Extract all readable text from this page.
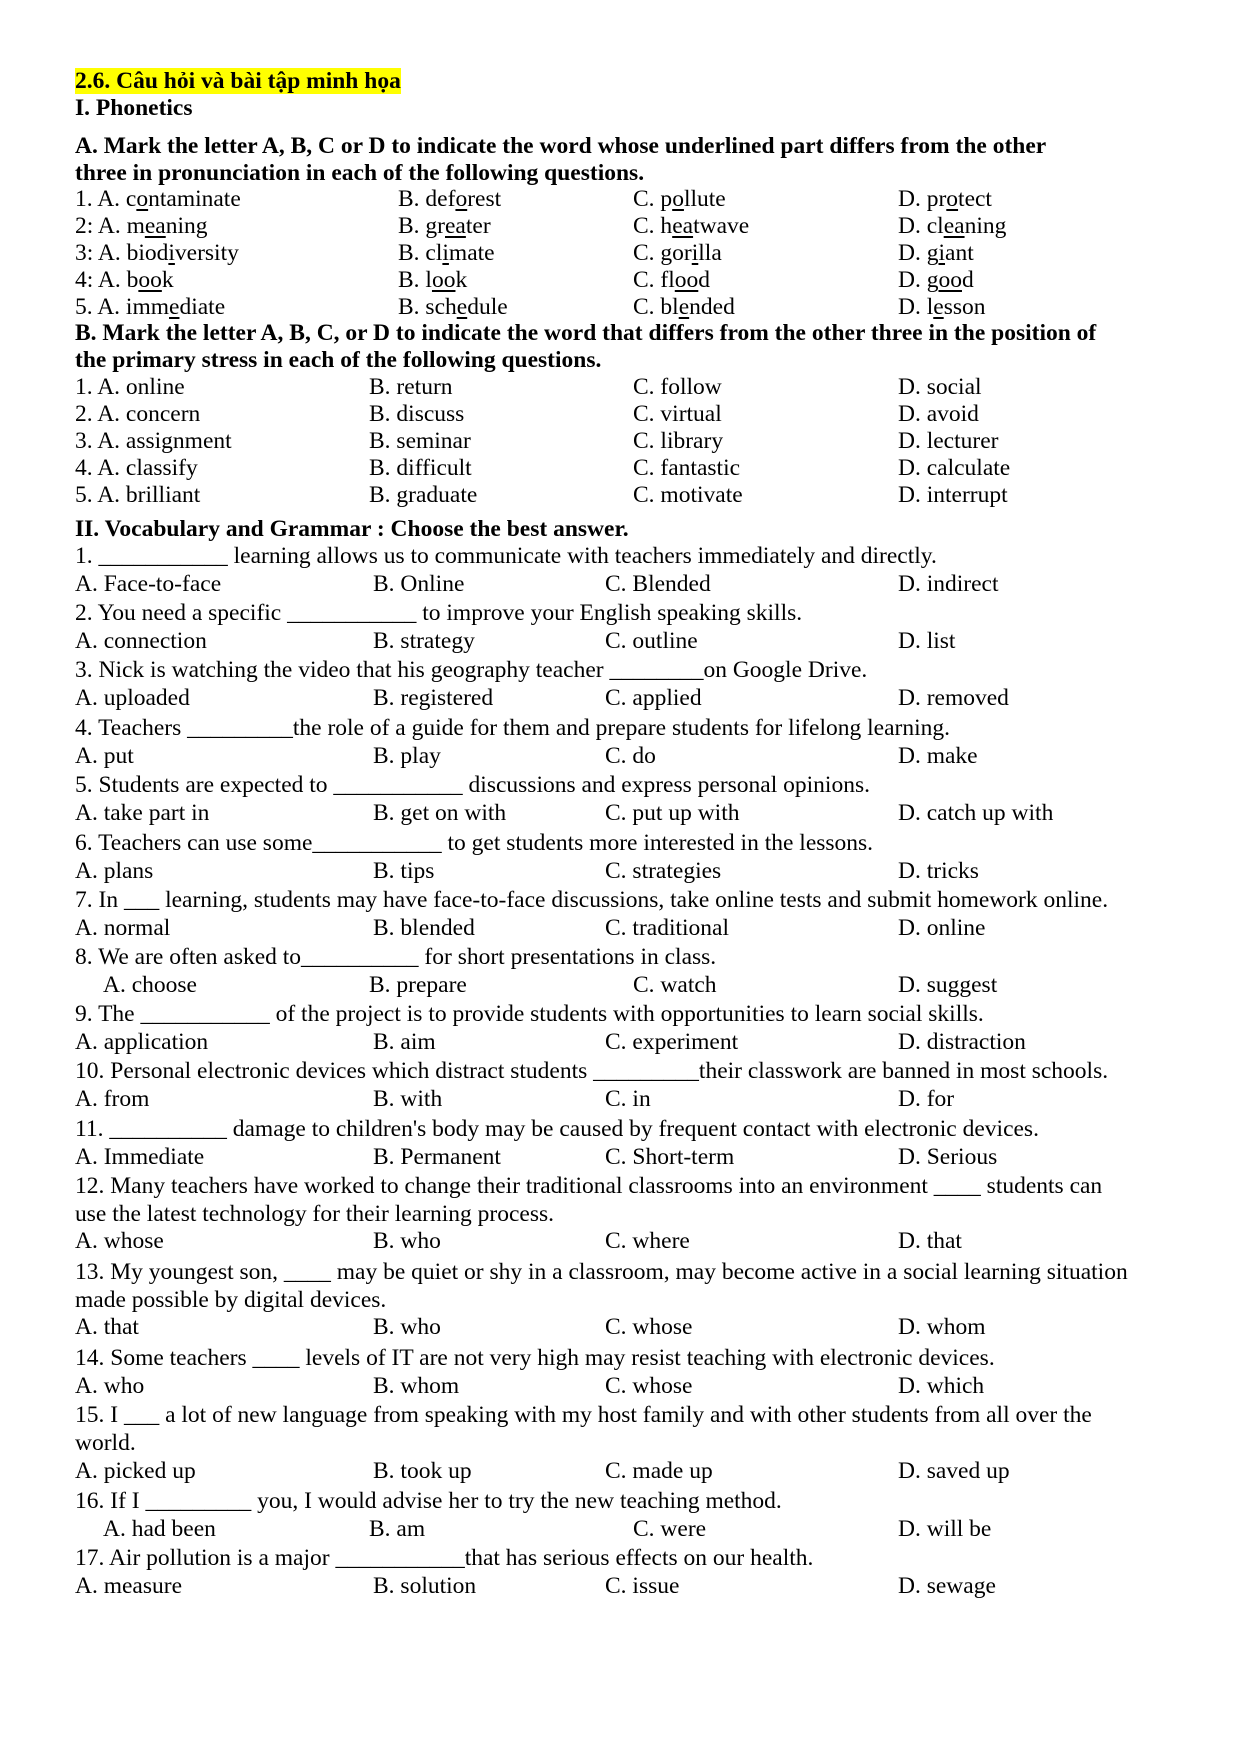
2.6. Câu hỏi và bài tập minh họa
I. Phonetics
A. Mark the letter A, B, C or D to indicate the word whose underlined part differs from the other
three in pronunciation in each of the following questions.
1. A. contaminate	B. deforest	C. pollute	D. protect
2: A. meaning	B. greater	C. heatwave	D. cleaning
3: A. biodiversity	B. climate	C. gorilla	D. giant
4: A. book	B. look	C. flood	D. good
5. A. immediate	B. schedule	C. blended	D. lesson
B. Mark the letter A, B, C, or D to indicate the word that differs from the other three in the position of
the primary stress in each of the following questions.
1. A. online	B. return	C. follow	D. social
2. A. concern	B. discuss	C. virtual	D. avoid
3. A. assignment	B. seminar	C. library	D. lecturer
4. A. classify	B. difficult	C. fantastic	D. calculate
5. A. brilliant	B. graduate	C. motivate	D. interrupt
II. Vocabulary and Grammar : Choose the best answer.
1. ___________ learning allows us to communicate with teachers immediately and directly.
A. Face-to-face	B. Online	C. Blended	D. indirect
2. You need a specific ___________ to improve your English speaking skills.
A. connection	B. strategy	C. outline	D. list
3. Nick is watching the video that his geography teacher ________on Google Drive.
A. uploaded	B. registered	C. applied	D. removed
4. Teachers _________the role of a guide for them and prepare students for lifelong learning.
A. put	B. play	C. do	D. make
5. Students are expected to ___________ discussions and express personal opinions.
A. take part in	B. get on with	C. put up with	D. catch up with
6. Teachers can use some___________ to get students more interested in the lessons.
A. plans	B. tips	C. strategies	D. tricks
7. In ___ learning, students may have face-to-face discussions, take online tests and submit homework online.
A. normal	B. blended	C. traditional	D. online
8. We are often asked to__________ for short presentations in class.
A. choose	B. prepare	C. watch	D. suggest
9. The ___________ of the project is to provide students with opportunities to learn social skills.
A. application	B. aim	C. experiment	D. distraction
10. Personal electronic devices which distract students _________their classwork are banned in most schools.
A. from	B. with	C. in	D. for
11. __________ damage to children's body may be caused by frequent contact with electronic devices.
A. Immediate	B. Permanent	C. Short-term	D. Serious
12. Many teachers have worked to change their traditional classrooms into an environment ____ students can
use the latest technology for their learning process.
A. whose	B. who	C. where	D. that
13. My youngest son, ____ may be quiet or shy in a classroom, may become active in a social learning situation
made possible by digital devices.
A. that	B. who	C. whose	D. whom
14. Some teachers ____ levels of IT are not very high may resist teaching with electronic devices.
A. who	B. whom	C. whose	D. which
15. I ___ a lot of new language from speaking with my host family and with other students from all over the
world.
A. picked up	B. took up	C. made up	D. saved up
16. If I _________ you, I would advise her to try the new teaching method.
A. had been	B. am	C. were	D. will be
17. Air pollution is a major ___________that has serious effects on our health.
A. measure	B. solution	C. issue	D. sewage
